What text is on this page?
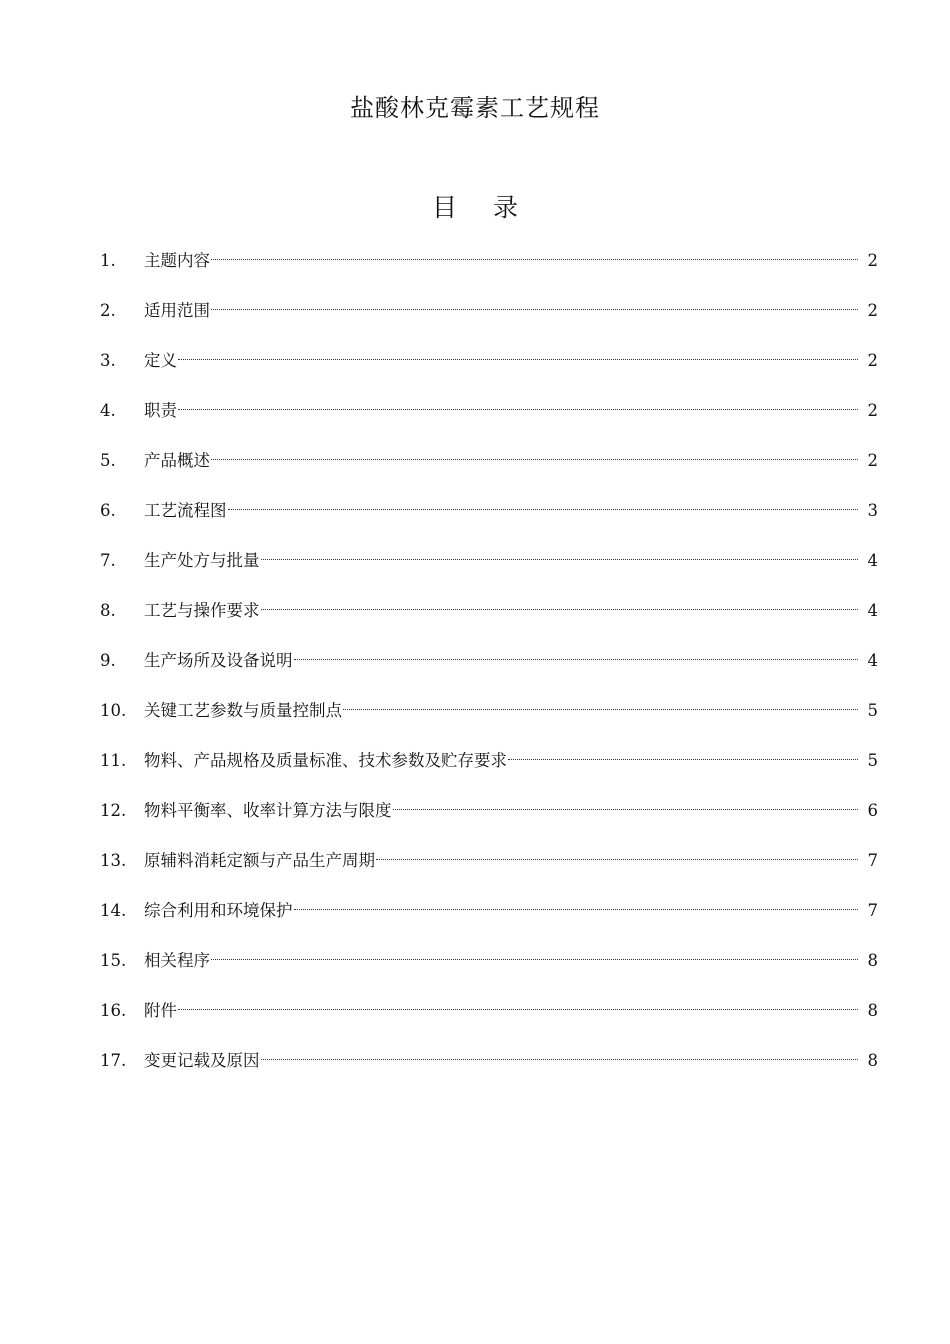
盐酸林克霉素工艺规程
目 录
1.	主题内容	2
2.	适用范围	2
3.	定义	2
4.	职责	2
5.	产品概述	2
6.	工艺流程图	3
7.	生产处方与批量	4
8.	工艺与操作要求	4
9.	生产场所及设备说明	4
10.	关键工艺参数与质量控制点	5
11.	物料、产品规格及质量标准、技术参数及贮存要求	5
12.	物料平衡率、收率计算方法与限度	6
13.	原辅料消耗定额与产品生产周期	7
14.	综合利用和环境保护	7
15.	相关程序	8
16.	附件	8
17.	变更记载及原因	8
